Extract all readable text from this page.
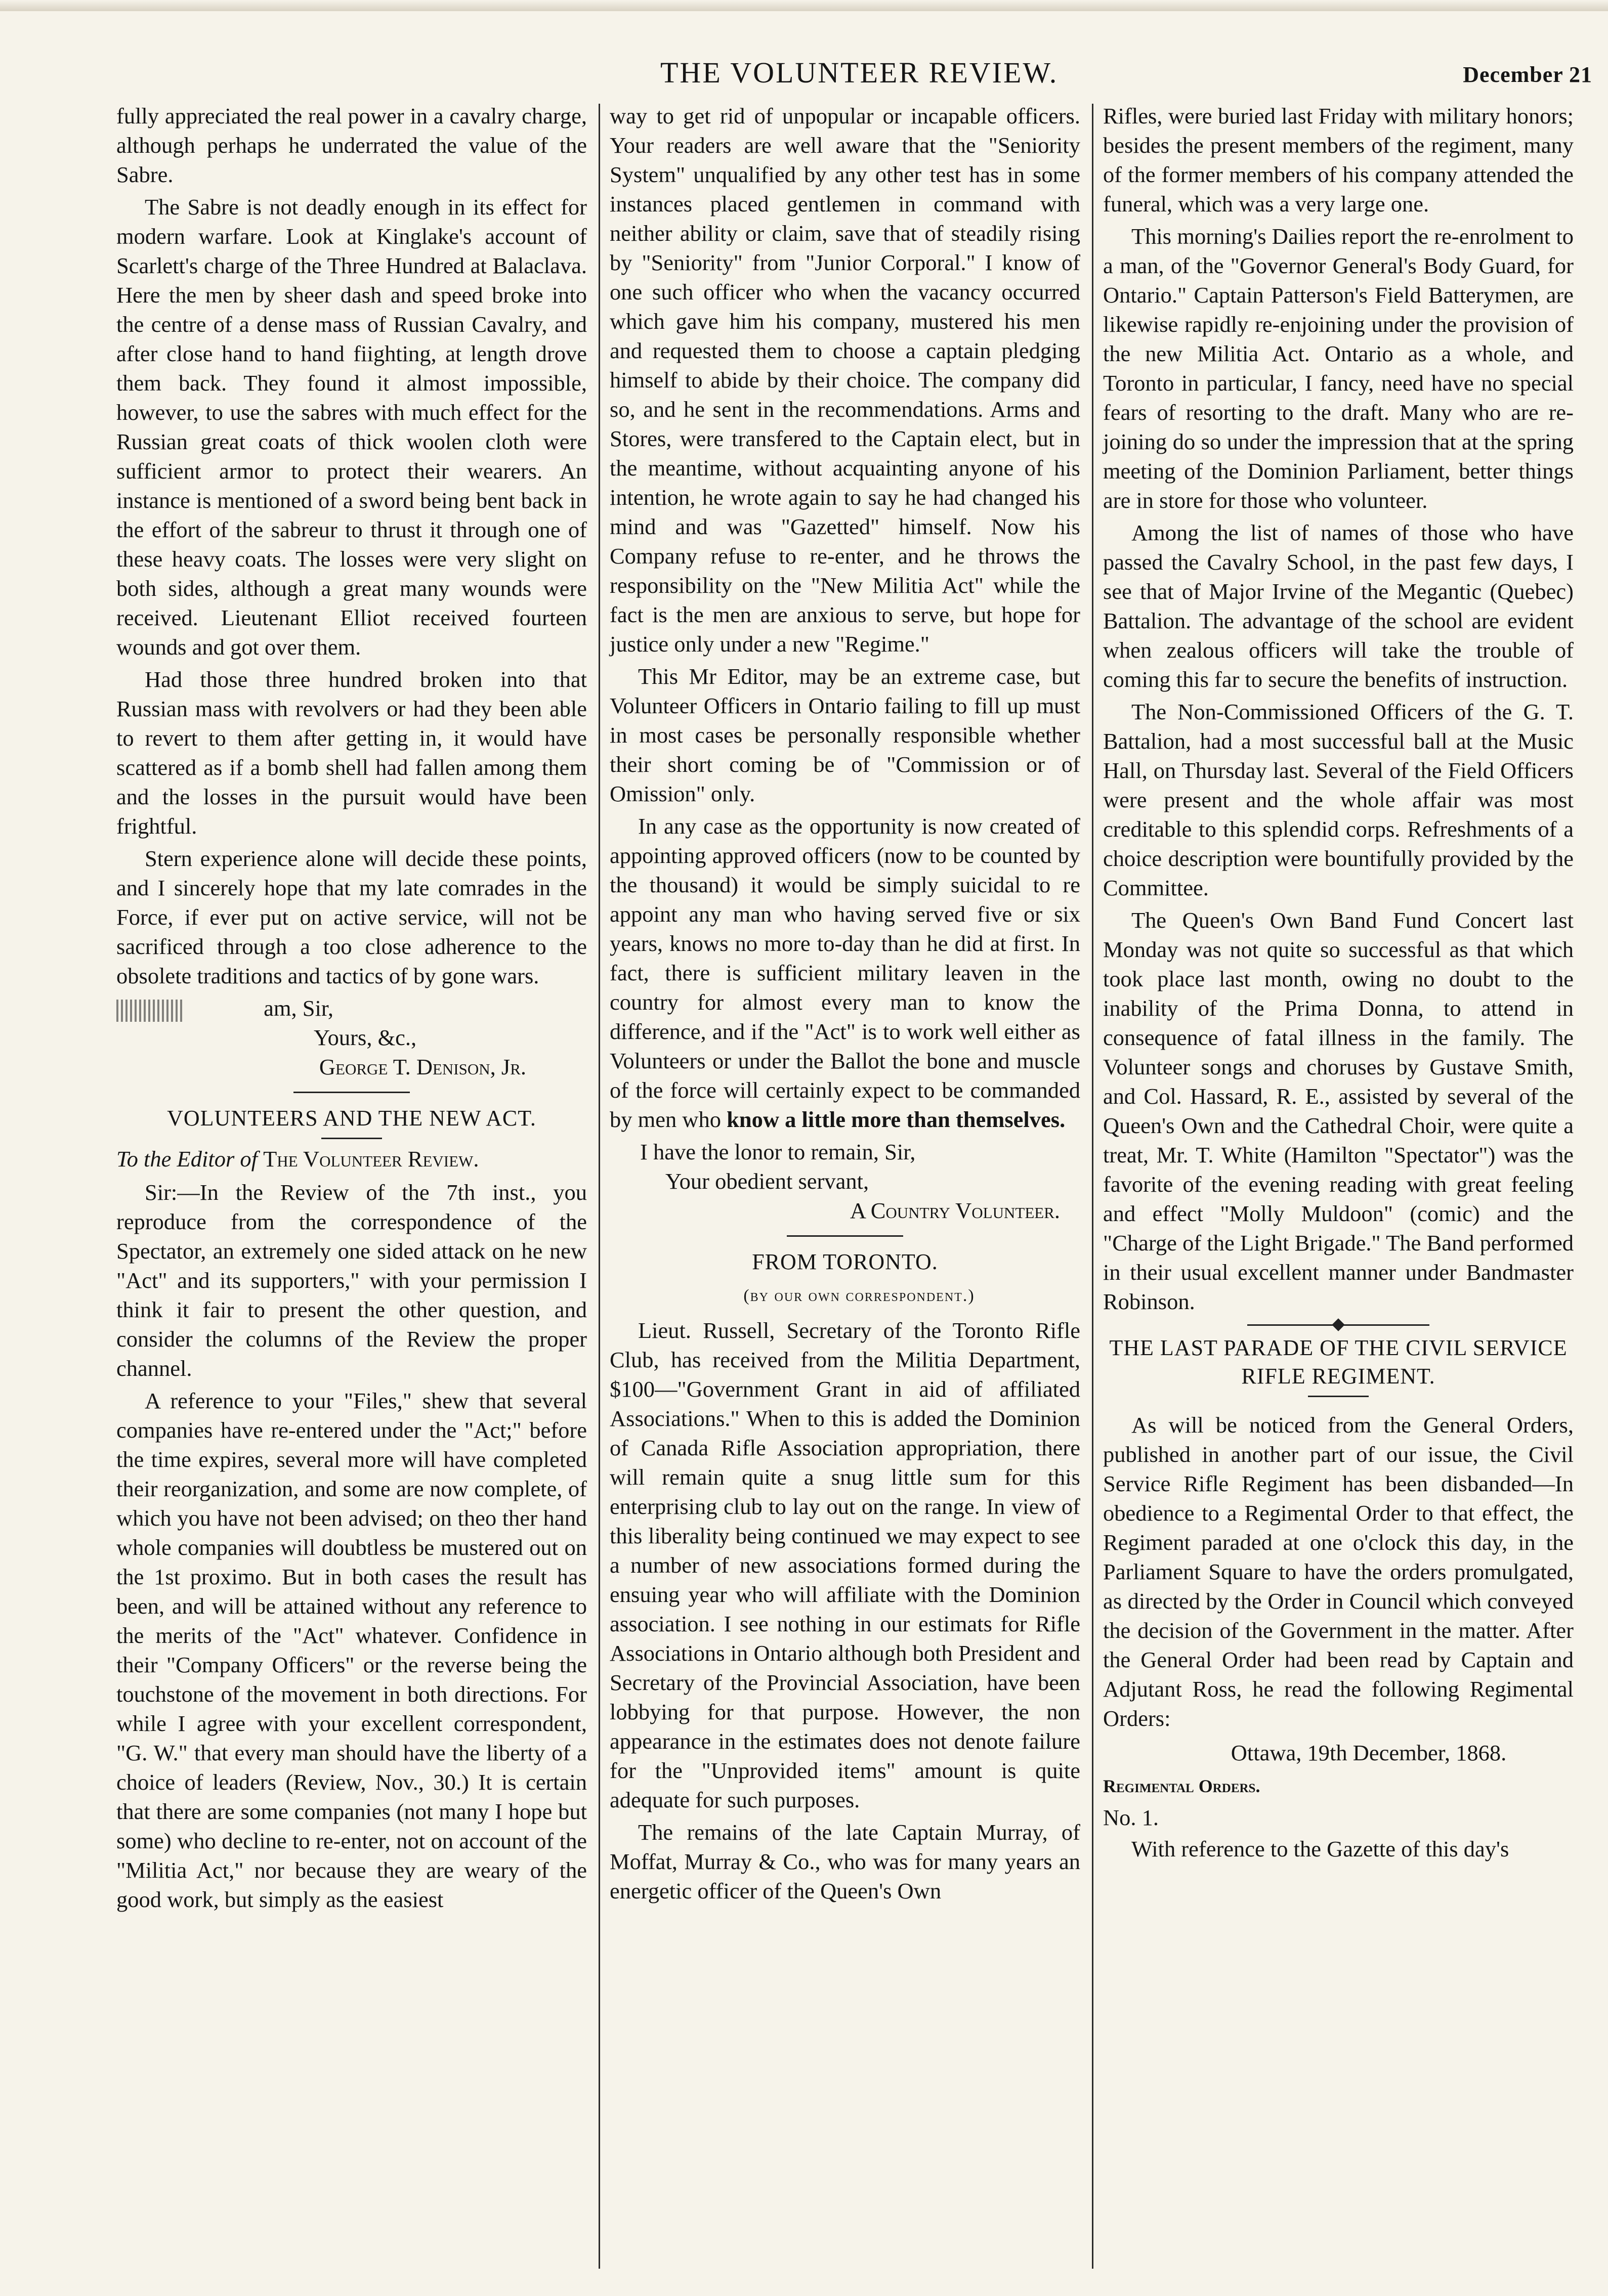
THE VOLUNTEER REVIEW.	December 21

fully appreciated the real power in a cavalry charge, although perhaps he underrated the value of the Sabre.

The Sabre is not deadly enough in its effect for modern warfare. Look at Kinglake's account of Scarlett's charge of the Three Hundred at Balaclava. Here the men by sheer dash and speed broke into the centre of a dense mass of Russian Cavalry, and after close hand to hand fiighting, at length drove them back. They found it almost impossible, however, to use the sabres with much effect for the Russian great coats of thick woolen cloth were sufficient armor to protect their wearers. An instance is mentioned of a sword being bent back in the effort of the sabreur to thrust it through one of these heavy coats. The losses were very slight on both sides, although a great many wounds were received. Lieutenant Elliot received fourteen wounds and got over them.

Had those three hundred broken into that Russian mass with revolvers or had they been able to revert to them after getting in, it would have scattered as if a bomb shell had fallen among them and the losses in the pursuit would have been frightful.

Stern experience alone will decide these points, and I sincerely hope that my late comrades in the Force, if ever put on active service, will not be sacrificed through a too close adherence to the obsolete traditions and tactics of by gone wars.

am, Sir,

Yours, &c.,

George T. Denison, Jr.

VOLUNTEERS AND THE NEW ACT.

To the Editor of The Volunteer Review.

Sir:—In the Review of the 7th inst., you reproduce from the correspondence of the Spectator, an extremely one sided attack on he new "Act" and its supporters," with your permission I think it fair to present the other question, and consider the columns of the Review the proper channel.

A reference to your "Files," shew that several companies have re-entered under the "Act;" before the time expires, several more will have completed their reorganization, and some are now complete, of which you have not been advised; on theo ther hand whole companies will doubtless be mustered out on the 1st proximo. But in both cases the result has been, and will be attained without any reference to the merits of the "Act" whatever. Confidence in their "Company Officers" or the reverse being the touchstone of the movement in both directions. For while I agree with your excellent correspondent, "G. W." that every man should have the liberty of a choice of leaders (Review, Nov., 30.) It is certain that there are some companies (not many I hope but some) who decline to re-enter, not on account of the "Militia Act," nor because they are weary of the good work, but simply as the easiest

way to get rid of unpopular or incapable officers. Your readers are well aware that the "Seniority System" unqualified by any other test has in some instances placed gentlemen in command with neither ability or claim, save that of steadily rising by "Seniority" from "Junior Corporal." I know of one such officer who when the vacancy occurred which gave him his company, mustered his men and requested them to choose a captain pledging himself to abide by their choice. The company did so, and he sent in the recommendations. Arms and Stores, were transfered to the Captain elect, but in the meantime, without acquainting anyone of his intention, he wrote again to say he had changed his mind and was "Gazetted" himself. Now his Company refuse to re-enter, and he throws the responsibility on the "New Militia Act" while the fact is the men are anxious to serve, but hope for justice only under a new "Regime."

This Mr Editor, may be an extreme case, but Volunteer Officers in Ontario failing to fill up must in most cases be personally responsible whether their short coming be of "Commission or of Omission" only.

In any case as the opportunity is now created of appointing approved officers (now to be counted by the thousand) it would be simply suicidal to re appoint any man who having served five or six years, knows no more to-day than he did at first. In fact, there is sufficient military leaven in the country for almost every man to know the difference, and if the "Act" is to work well either as Volunteers or under the Ballot the bone and muscle of the force will certainly expect to be commanded by men who know a little more than themselves.

I have the lonor to remain, Sir,

Your obedient servant,

A Country Volunteer.

FROM TORONTO.

(by our own correspondent.)

Lieut. Russell, Secretary of the Toronto Rifle Club, has received from the Militia Department, $100—"Government Grant in aid of affiliated Associations." When to this is added the Dominion of Canada Rifle Association appropriation, there will remain quite a snug little sum for this enterprising club to lay out on the range. In view of this liberality being continued we may expect to see a number of new associations formed during the ensuing year who will affiliate with the Dominion association. I see nothing in our estimats for Rifle Associations in Ontario although both President and Secretary of the Provincial Association, have been lobbying for that purpose. However, the non appearance in the estimates does not denote failure for the "Unprovided items" amount is quite adequate for such purposes.

The remains of the late Captain Murray, of Moffat, Murray & Co., who was for many years an energetic officer of the Queen's Own

Rifles, were buried last Friday with military honors; besides the present members of the regiment, many of the former members of his company attended the funeral, which was a very large one.

This morning's Dailies report the re-enrolment to a man, of the "Governor General's Body Guard, for Ontario." Captain Patterson's Field Batterymen, are likewise rapidly re-enjoining under the provision of the new Militia Act. Ontario as a whole, and Toronto in particular, I fancy, need have no special fears of resorting to the draft. Many who are re-joining do so under the impression that at the spring meeting of the Dominion Parliament, better things are in store for those who volunteer.

Among the list of names of those who have passed the Cavalry School, in the past few days, I see that of Major Irvine of the Megantic (Quebec) Battalion. The advantage of the school are evident when zealous officers will take the trouble of coming this far to secure the benefits of instruction.

The Non-Commissioned Officers of the G. T. Battalion, had a most successful ball at the Music Hall, on Thursday last. Several of the Field Officers were present and the whole affair was most creditable to this splendid corps. Refreshments of a choice description were bountifully provided by the Committee.

The Queen's Own Band Fund Concert last Monday was not quite so successful as that which took place last month, owing no doubt to the inability of the Prima Donna, to attend in consequence of fatal illness in the family. The Volunteer songs and choruses by Gustave Smith, and Col. Hassard, R. E., assisted by several of the Queen's Own and the Cathedral Choir, were quite a treat, Mr. T. White (Hamilton "Spectator") was the favorite of the evening reading with great feeling and effect "Molly Muldoon" (comic) and the "Charge of the Light Brigade." The Band performed in their usual excellent manner under Bandmaster Robinson.

THE LAST PARADE OF THE CIVIL SERVICE RIFLE REGIMENT.

As will be noticed from the General Orders, published in another part of our issue, the Civil Service Rifle Regiment has been disbanded—In obedience to a Regimental Order to that effect, the Regiment paraded at one o'clock this day, in the Parliament Square to have the orders promulgated, as directed by the Order in Council which conveyed the decision of the Government in the matter. After the General Order had been read by Captain and Adjutant Ross, he read the following Regimental Orders:

Ottawa, 19th December, 1868.

Regimental Orders.

No. 1.

With reference to the Gazette of this day's
